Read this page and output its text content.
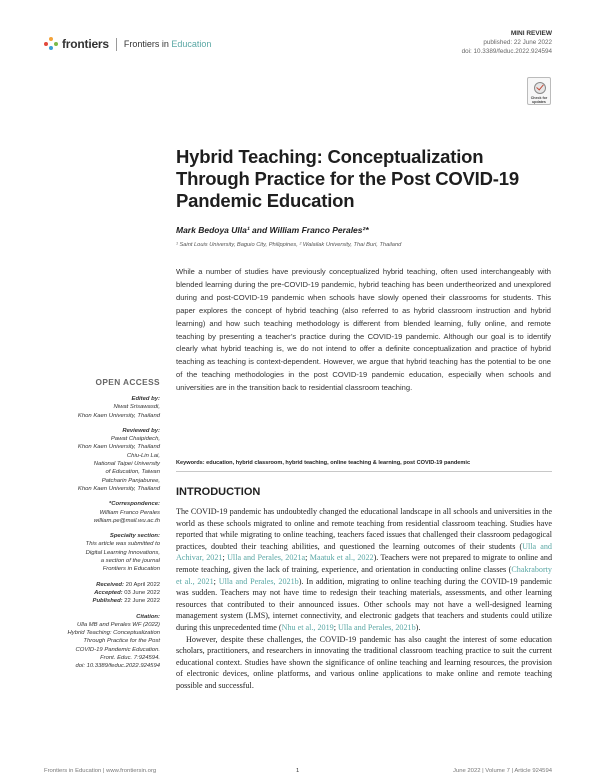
frontiers Frontiers in Education
MINI REVIEW
published: 22 June 2022
doi: 10.3389/feduc.2022.924594
Check for
updates
Hybrid Teaching: Conceptualization Through Practice for the Post COVID-19 Pandemic Education
Mark Bedoya Ulla¹ and William Franco Perales²*
¹ Saint Louis University, Baguio City, Philippines, ² Walailak University, Thai Buri, Thailand

While a number of studies have previously conceptualized hybrid teaching, often used interchangeably with blended learning during the pre-COVID-19 pandemic, hybrid teaching has been undertheorized and unexplored during and post-COVID-19 pandemic when schools have slowly opened their classrooms for students. This paper explores the concept of hybrid teaching (also referred to as hybrid classroom instruction and hybrid learning) and how such teaching methodology is different from blended learning, fully online, and remote teaching by presenting a teacher’s practice during the COVID-19 pandemic. Although our goal is to identify clearly what hybrid teaching is, we do not intend to offer a definite conceptualization and practice of hybrid teaching as teaching is context-dependent. However, we argue that hybrid teaching has the potential to be one of the teaching methodologies in the post COVID-19 pandemic education, especially when schools and universities are in the transition back to residential classroom teaching.

Keywords: education, hybrid classroom, hybrid teaching, online teaching & learning, post COVID-19 pandemic
INTRODUCTION

The COVID-19 pandemic has undoubtedly changed the educational landscape in all schools and universities in the world as these schools migrated to online and remote teaching from residential classroom teaching. Studies have reported that while migrating to online teaching, teachers faced issues that challenged their classroom pedagogical practices, doubted their teaching abilities, and questioned the learning outcomes of their students (Ulla and Achivar, 2021; Ulla and Perales, 2021a; Maatuk et al., 2022). Teachers were not prepared to migrate to online and remote teaching, given the lack of training, experience, and orientation in conducting online classes (Chakraborty et al., 2021; Ulla and Perales, 2021b). In addition, migrating to online teaching during the COVID-19 pandemic was sudden. Teachers may not have time to redesign their teaching materials, assessments, and other learning resources that contributed to their announced issues. Other schools may not have a well-designed learning management system (LMS), internet connectivity, and electronic gadgets that teachers and students could utilize during this unprecedented time (Nhu et al., 2019; Ulla and Perales, 2021b).

However, despite these challenges, the COVID-19 pandemic has also caught the interest of some education scholars, practitioners, and researchers in innovating the traditional classroom teaching practice to suit the current educational context. Studies have shown the significance of online teaching and learning resources, the provision of electronic devices, online platforms, and various online applications to make online and remote teaching possible and successful.

OPEN ACCESS
Edited by:
Niwat Srisawasdi,
Khon Kaen University, Thailand
Reviewed by:
Pawat Chaipidech,
Khon Kaen University, Thailand
Chiu-Lin Lai,
National Taipei University
of Education, Taiwan
Patcharin Panjaburee,
Khon Kaen University, Thailand
*Correspondence:
William Franco Perales
william.pe@mail.wu.ac.th
Specialty section:
This article was submitted to
Digital Learning Innovations,
a section of the journal
Frontiers in Education
Received: 20 April 2022
Accepted: 03 June 2022
Published: 22 June 2022
Citation:
Ulla MB and Perales WF (2022)
Hybrid Teaching: Conceptualization
Through Practice for the Post
COVID-19 Pandemic Education.
Front. Educ. 7:924594.
doi: 10.3389/feduc.2022.924594
Frontiers in Education | www.frontiersin.org	1	June 2022 | Volume 7 | Article 924594
